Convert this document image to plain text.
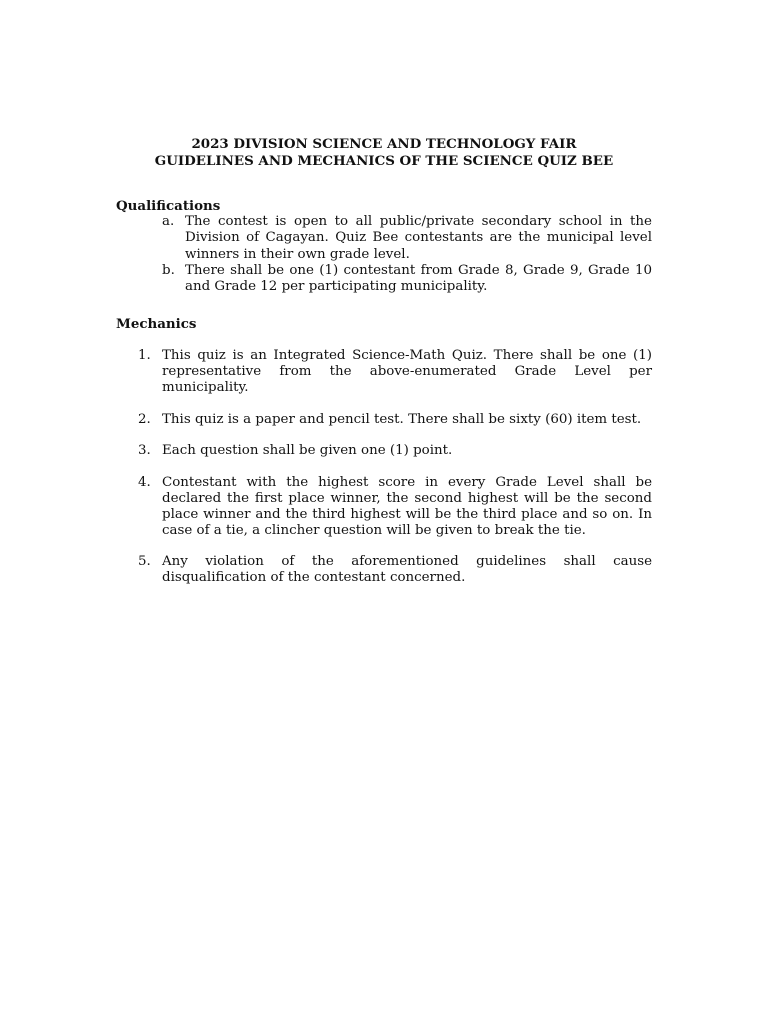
2023 DIVISION SCIENCE AND TECHNOLOGY FAIR
GUIDELINES AND MECHANICS OF THE SCIENCE QUIZ BEE
Qualifications
a. The contest is open to all public/private secondary school in the Division of Cagayan. Quiz Bee contestants are the municipal level winners in their own grade level.
b. There shall be one (1) contestant from Grade 8, Grade 9, Grade 10 and Grade 12 per participating municipality.
Mechanics
1. This quiz is an Integrated Science-Math Quiz. There shall be one (1) representative from the above-enumerated Grade Level per municipality.
2. This quiz is a paper and pencil test. There shall be sixty (60) item test.
3. Each question shall be given one (1) point.
4. Contestant with the highest score in every Grade Level shall be declared the first place winner, the second highest will be the second place winner and the third highest will be the third place and so on. In case of a tie, a clincher question will be given to break the tie.
5. Any violation of the aforementioned guidelines shall cause disqualification of the contestant concerned.
